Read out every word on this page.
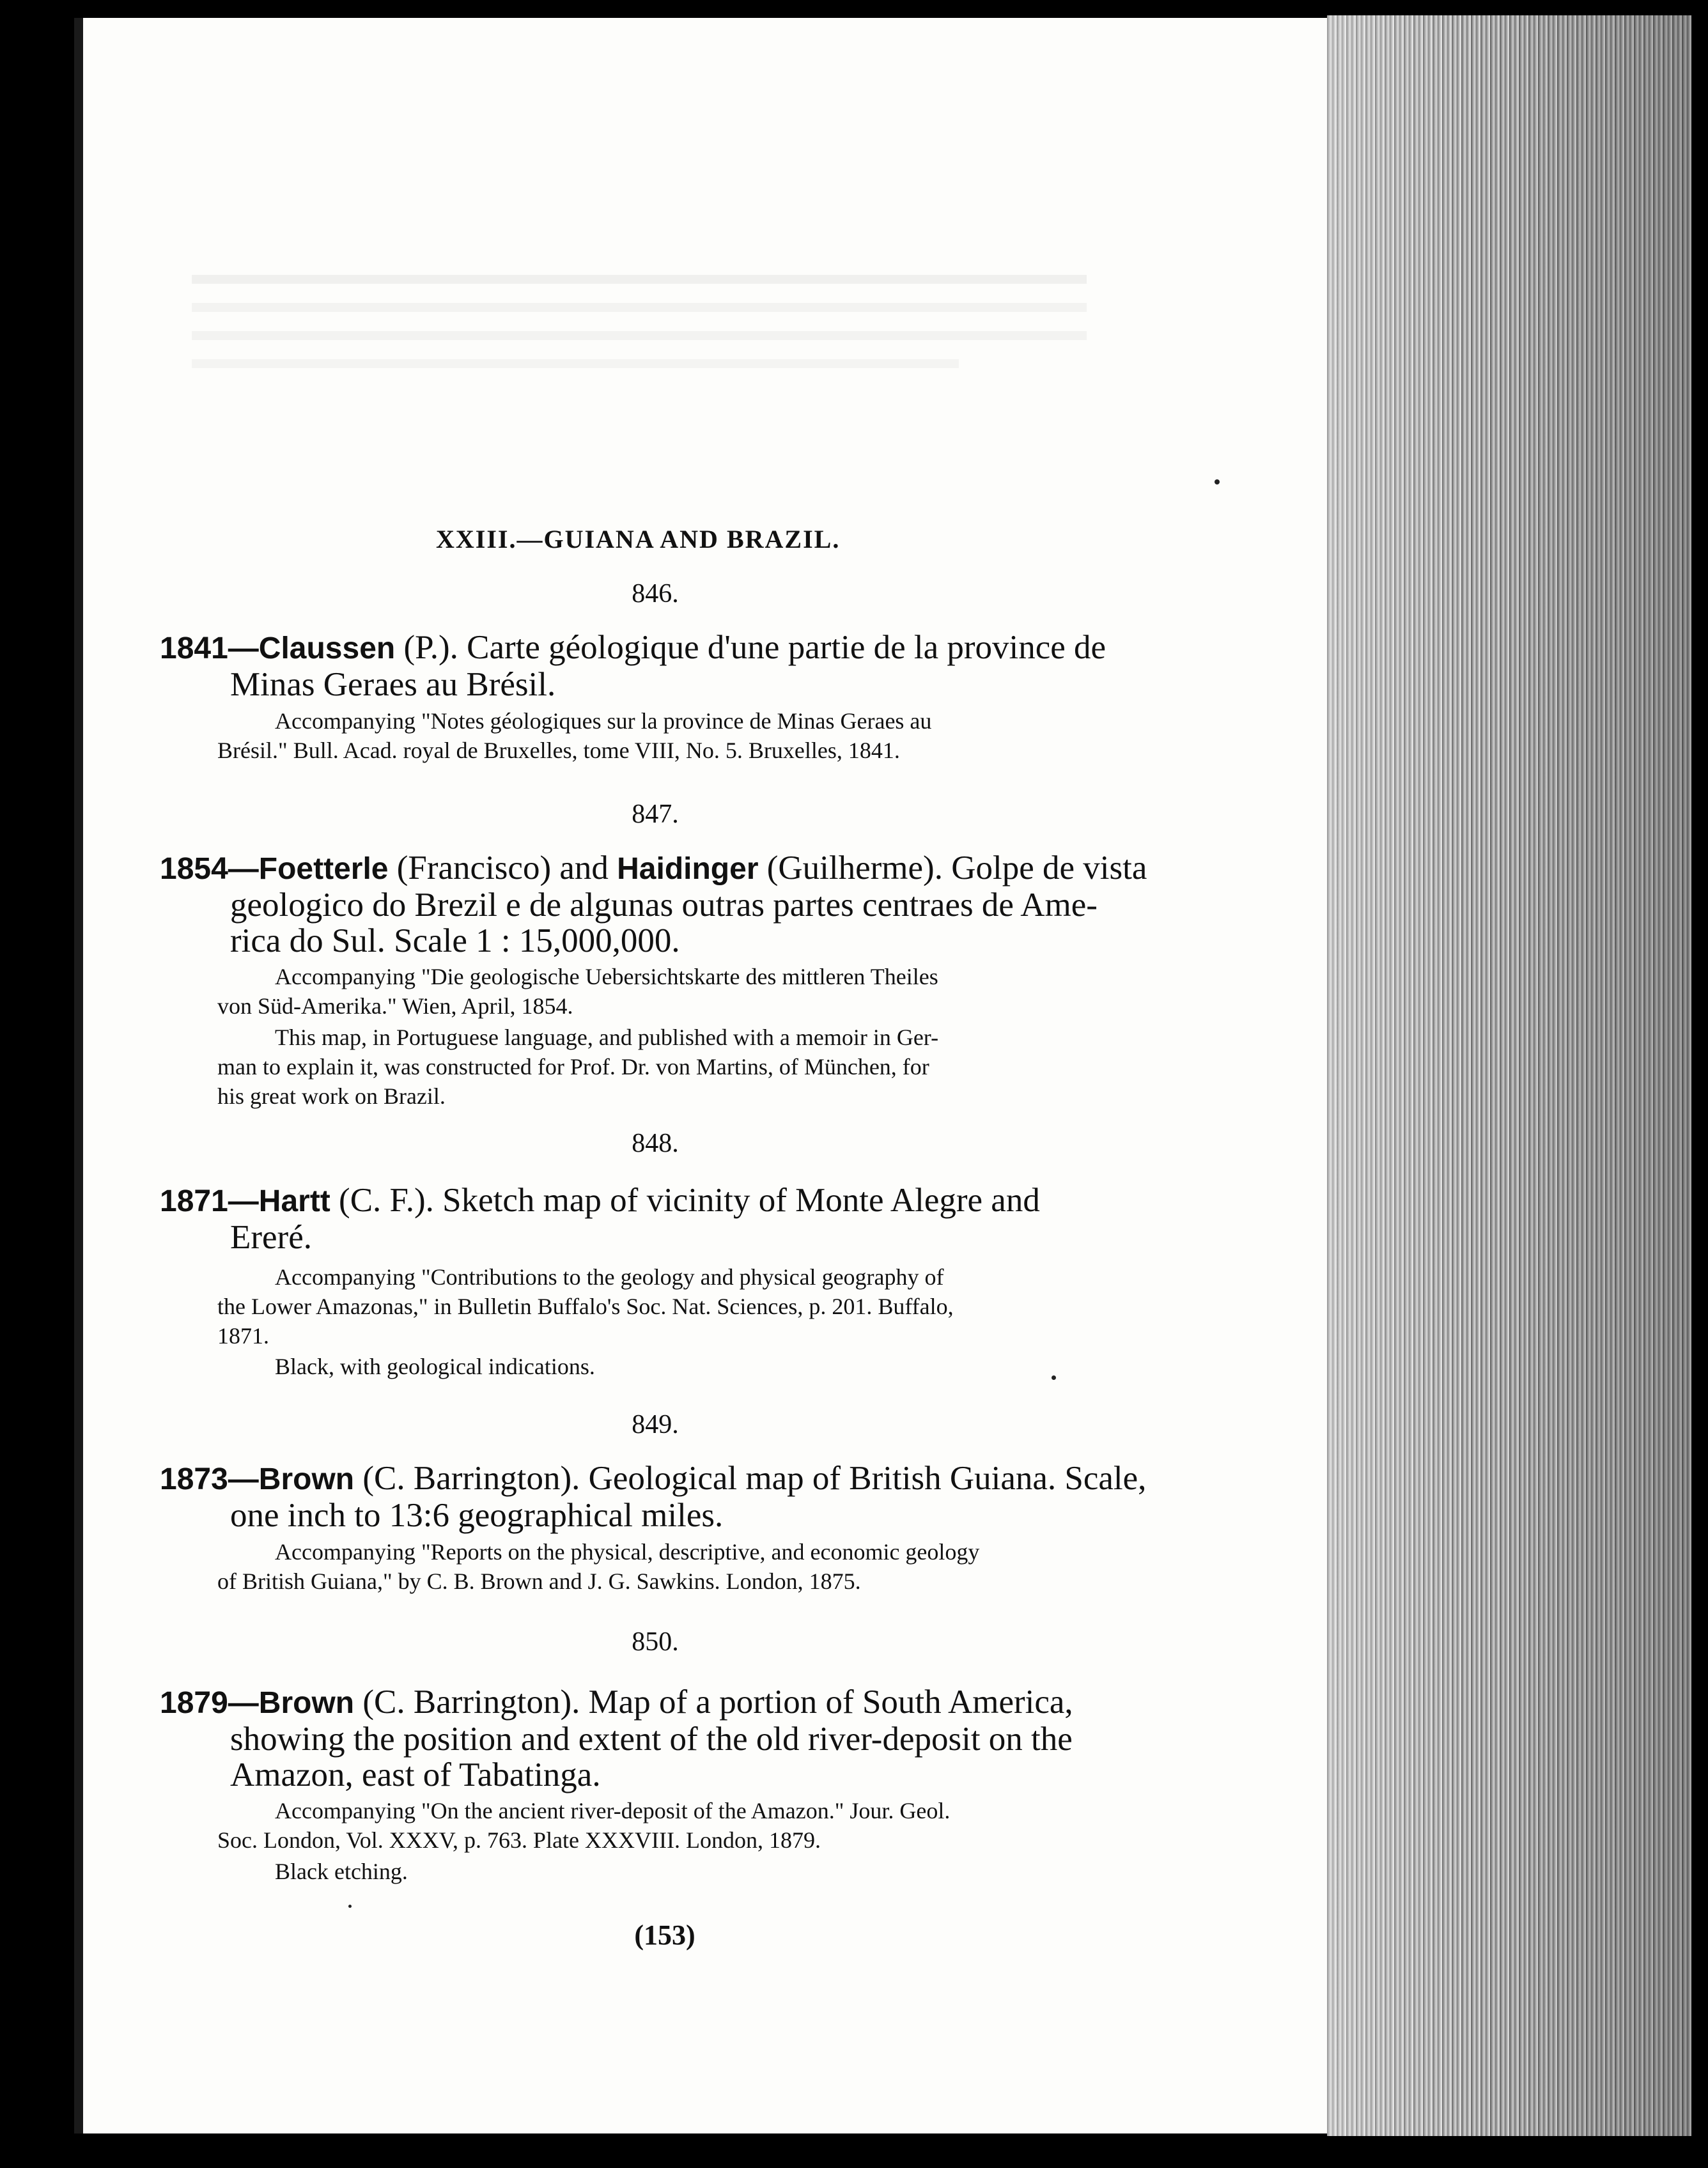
XXIII.—GUIANA AND BRAZIL.
846.
1841—Claussen (P.). Carte géologique d'une partie de la province de
Minas Geraes au Brésil.
Accompanying "Notes géologiques sur la province de Minas Geraes au
Brésil." Bull. Acad. royal de Bruxelles, tome VIII, No. 5. Bruxelles, 1841.
847.
1854—Foetterle (Francisco) and Haidinger (Guilherme). Golpe de vista
geologico do Brezil e de algunas outras partes centraes de Ame-
rica do Sul. Scale 1 : 15,000,000.
Accompanying "Die geologische Uebersichtskarte des mittleren Theiles
von Süd-Amerika." Wien, April, 1854.
This map, in Portuguese language, and published with a memoir in Ger-
man to explain it, was constructed for Prof. Dr. von Martins, of München, for
his great work on Brazil.
848.
1871—Hartt (C. F.). Sketch map of vicinity of Monte Alegre and
Ereré.
Accompanying "Contributions to the geology and physical geography of
the Lower Amazonas," in Bulletin Buffalo's Soc. Nat. Sciences, p. 201. Buffalo,
1871.
Black, with geological indications.
849.
1873—Brown (C. Barrington). Geological map of British Guiana. Scale,
one inch to 13:6 geographical miles.
Accompanying "Reports on the physical, descriptive, and economic geology
of British Guiana," by C. B. Brown and J. G. Sawkins. London, 1875.
850.
1879—Brown (C. Barrington). Map of a portion of South America,
showing the position and extent of the old river-deposit on the
Amazon, east of Tabatinga.
Accompanying "On the ancient river-deposit of the Amazon." Jour. Geol.
Soc. London, Vol. XXXV, p. 763. Plate XXXVIII. London, 1879.
Black etching.
(153)
